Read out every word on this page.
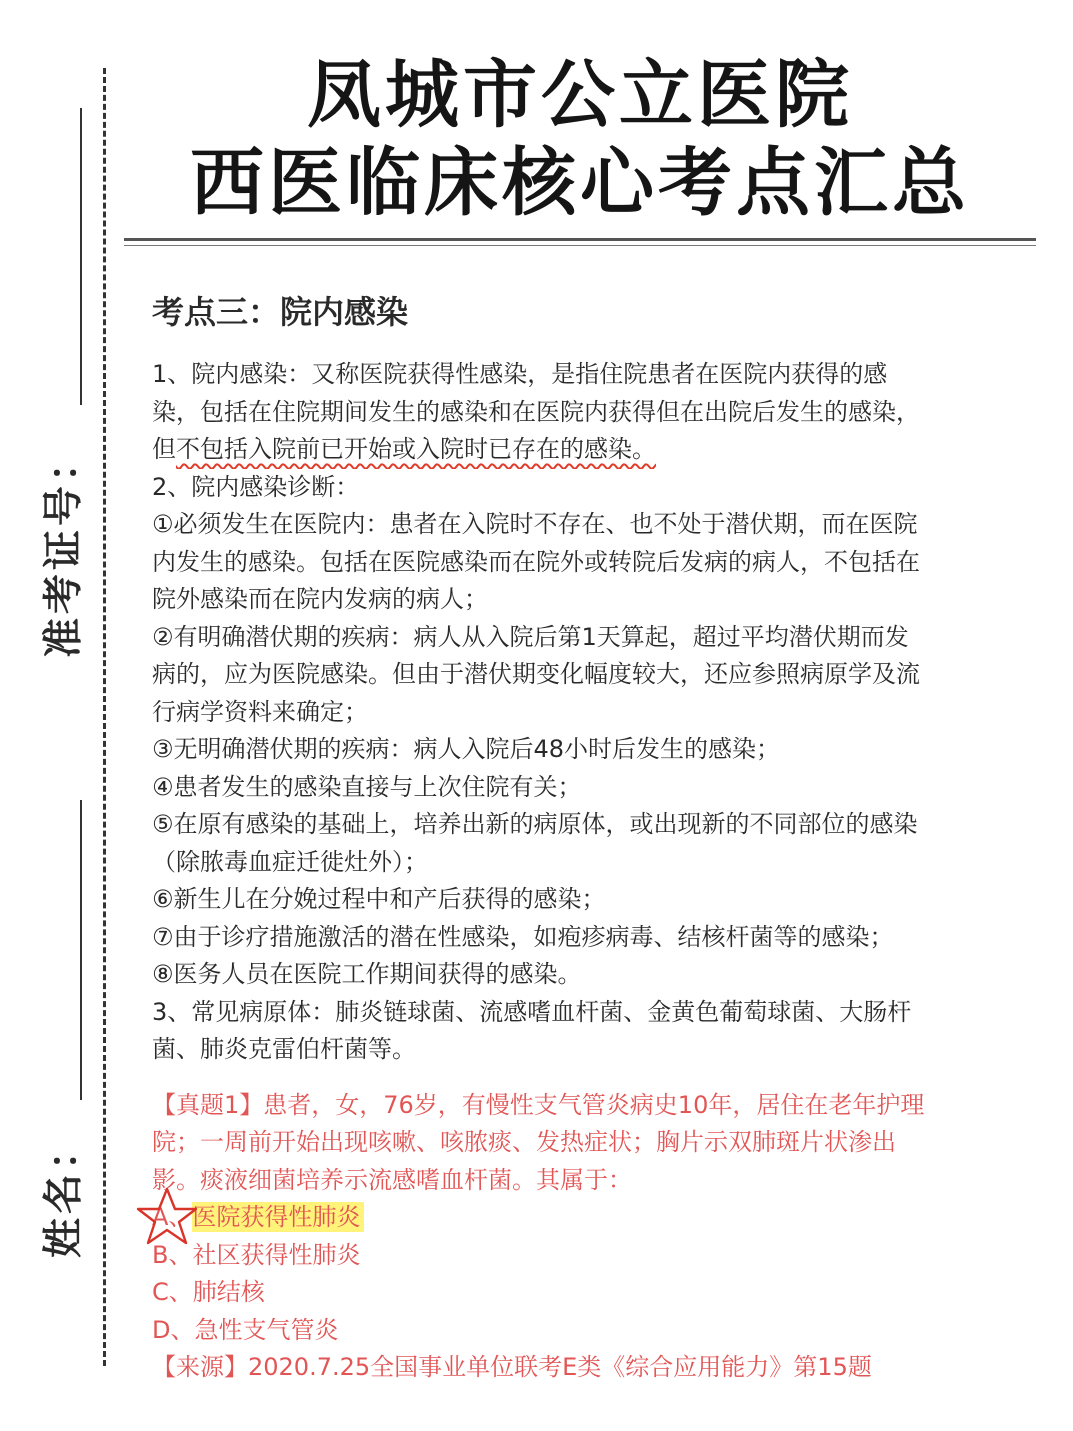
准考证号：
姓名：
凤城市公立医院
西医临床核心考点汇总
考点三：院内感染
1、院内感染：又称医院获得性感染，是指住院患者在医院内获得的感
染，包括在住院期间发生的感染和在医院内获得但在出院后发生的感染，
但不包括入院前已开始或入院时已存在的感染。
2、院内感染诊断：
①必须发生在医院内：患者在入院时不存在、也不处于潜伏期，而在医院
内发生的感染。包括在医院感染而在院外或转院后发病的病人，不包括在
院外感染而在院内发病的病人；
②有明确潜伏期的疾病：病人从入院后第1天算起，超过平均潜伏期而发
病的，应为医院感染。但由于潜伏期变化幅度较大，还应参照病原学及流
行病学资料来确定；
③无明确潜伏期的疾病：病人入院后48小时后发生的感染；
④患者发生的感染直接与上次住院有关；
⑤在原有感染的基础上，培养出新的病原体，或出现新的不同部位的感染
（除脓毒血症迁徙灶外）；
⑥新生儿在分娩过程中和产后获得的感染；
⑦由于诊疗措施激活的潜在性感染，如疱疹病毒、结核杆菌等的感染；
⑧医务人员在医院工作期间获得的感染。
3、常见病原体：肺炎链球菌、流感嗜血杆菌、金黄色葡萄球菌、大肠杆
菌、肺炎克雷伯杆菌等。
【真题1】患者，女，76岁，有慢性支气管炎病史10年，居住在老年护理
院；一周前开始出现咳嗽、咳脓痰、发热症状；胸片示双肺斑片状渗出
影。痰液细菌培养示流感嗜血杆菌。其属于：
A、医院获得性肺炎
B、社区获得性肺炎
C、肺结核
D、急性支气管炎
【来源】2020.7.25全国事业单位联考E类《综合应用能力》第15题
